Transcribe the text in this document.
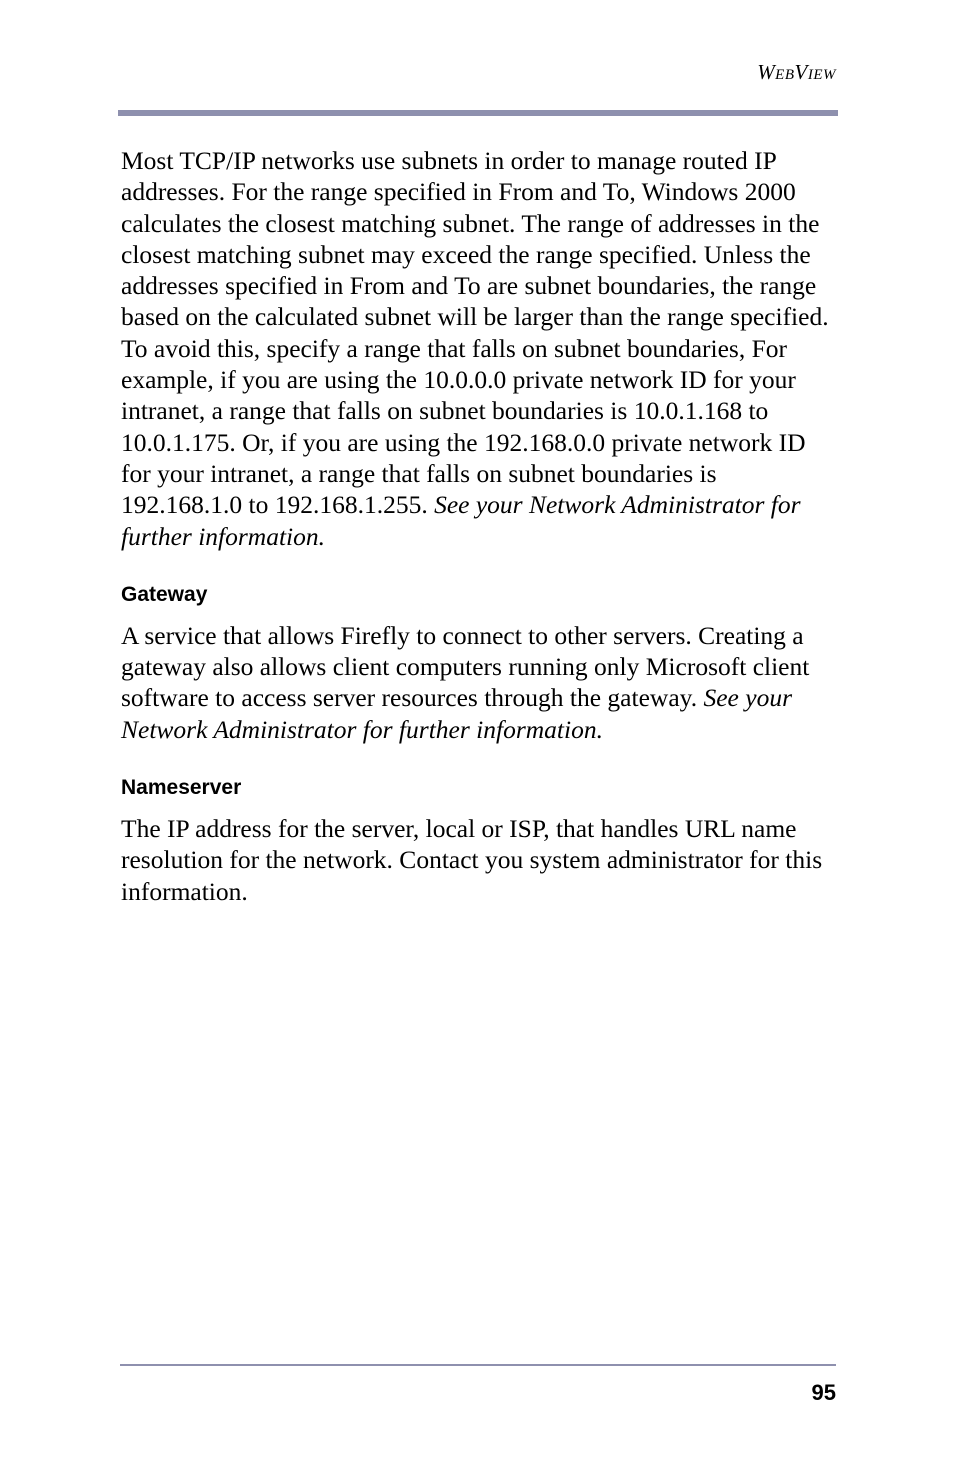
WebView

Most TCP/IP networks use subnets in order to manage routed IP addresses. For the range specified in From and To, Windows 2000 calculates the closest matching subnet. The range of addresses in the closest matching subnet may exceed the range specified. Unless the addresses specified in From and To are subnet boundaries, the range based on the calculated subnet will be larger than the range specified. To avoid this, specify a range that falls on subnet boundaries, For example, if you are using the 10.0.0.0 private network ID for your intranet, a range that falls on subnet boundaries is 10.0.1.168 to 10.0.1.175. Or, if you are using the 192.168.0.0 private network ID for your intranet, a range that falls on subnet boundaries is 192.168.1.0 to 192.168.1.255. See your Network Administrator for further information.

Gateway

A service that allows Firefly to connect to other servers. Creating a gateway also allows client computers running only Microsoft client software to access server resources through the gateway. See your Network Administrator for further information.

Nameserver

The IP address for the server, local or ISP, that handles URL name resolution for the network. Contact you system administrator for this information.

95
